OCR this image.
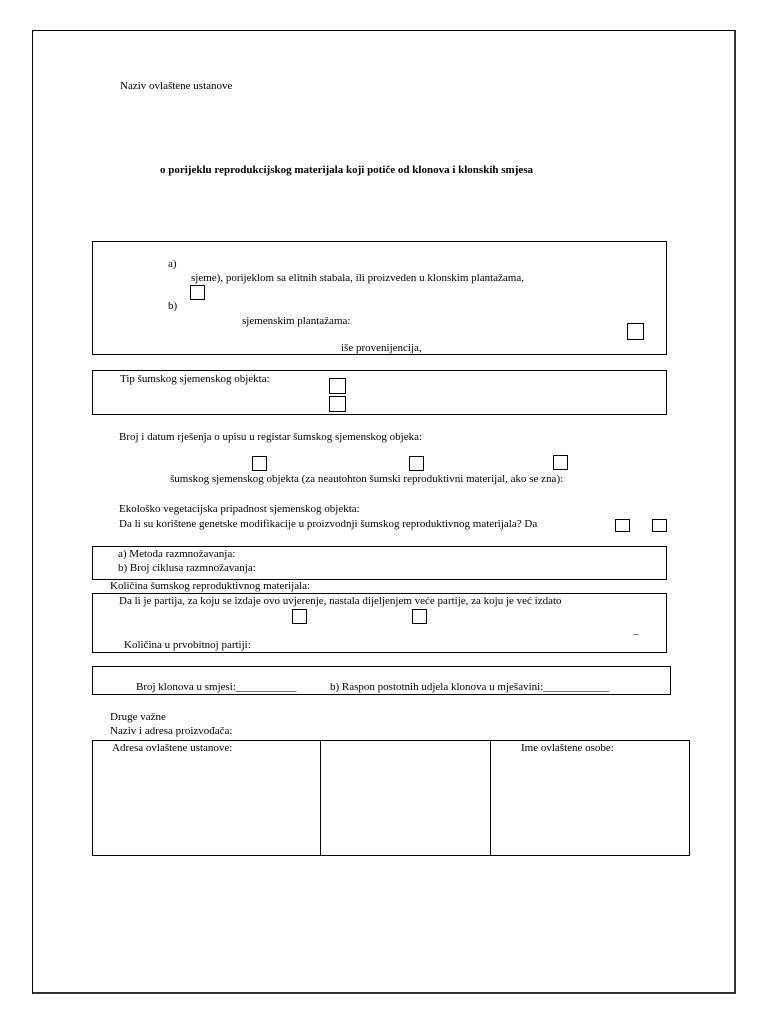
Naziv ovlaštene ustanove
o porijeklu reprodukcijskog materijala koji potiče od klonova i klonskih smjesa
a)
sjeme), porijeklom sa elitnih stabala, ili proizveden u klonskim plantažama,
b)
sjemenskim plantažama:
iše provenijencija,
Tip šumskog sjemenskog objekta:
Broj i datum rješenja o upisu u registar šumskog sjemenskog objeka:
šumskog sjemenskog objekta (za neautohton šumski reproduktivni materijal, ako se zna):
Ekološko vegetacijska pripadnost sjemenskog objekta:
Da li su korištene genetske modifikacije u proizvodnji šumskog reproduktivnog materijala? Da
a) Metoda razmnožavanja:
b) Broj ciklusa razmnožavanja:
Količina šumskog reproduktivnog materijala:
Da li je partija, za koju se izdaje ovo uvjerenje, nastala dijeljenjem veće partije, za koju je već izdato
–
Količina u prvobitnoj partiji:
Broj klonova u smjesi:___________	b) Raspon postotnih udjela klonova u mješavini:____________
Druge važne
Naziv i adresa proizvođača:
Adresa ovlaštene ustanove:	Ime ovlaštene osobe:
